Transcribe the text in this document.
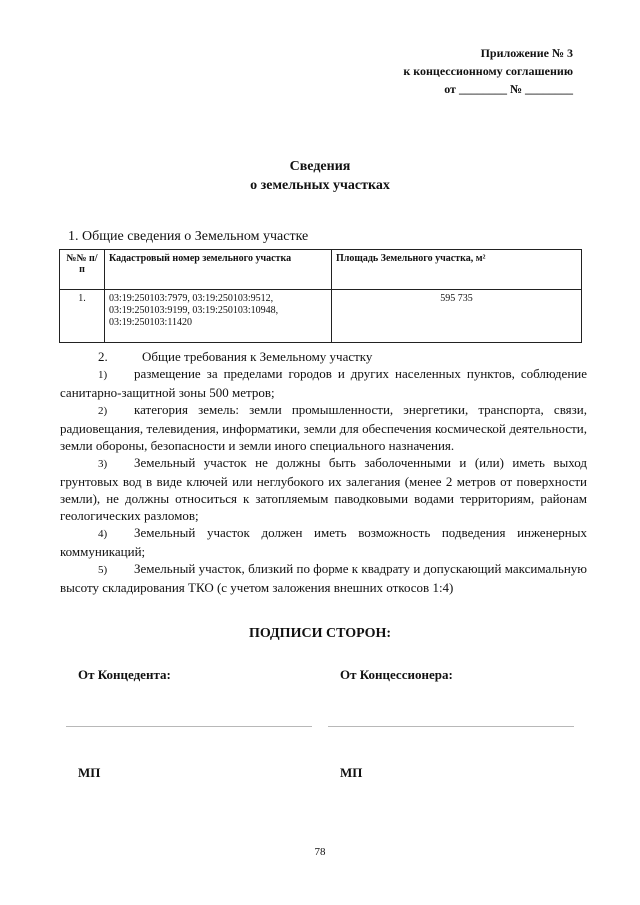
Приложение № 3
к концессионному соглашению
от ________ № ________
Сведения
о земельных участках
1. Общие сведения о Земельном участке
№№ п/п	Кадастровый номер земельного участка	Площадь Земельного участка, м²
1.	03:19:250103:7979, 03:19:250103:9512, 03:19:250103:9199, 03:19:250103:10948, 03:19:250103:11420	595 735
2.	Общие требования к Земельному участку
1) размещение за пределами городов и других населенных пунктов, соблюдение санитарно-защитной зоны 500 метров;
2) категория земель: земли промышленности, энергетики, транспорта, связи, радиовещания, телевидения, информатики, земли для обеспечения космической деятельности, земли обороны, безопасности и земли иного специального назначения.
3) Земельный участок не должны быть заболоченными и (или) иметь выход грунтовых вод в виде ключей или неглубокого их залегания (менее 2 метров от поверхности земли), не должны относиться к затопляемым паводковыми водами территориям, районам геологических разломов;
4) Земельный участок должен иметь возможность подведения инженерных коммуникаций;
5) Земельный участок, близкий по форме к квадрату и допускающий максимальную высоту складирования ТКО (с учетом заложения внешних откосов 1:4)
ПОДПИСИ СТОРОН:
От Концедента:	От Концессионера:
МП	МП
78
